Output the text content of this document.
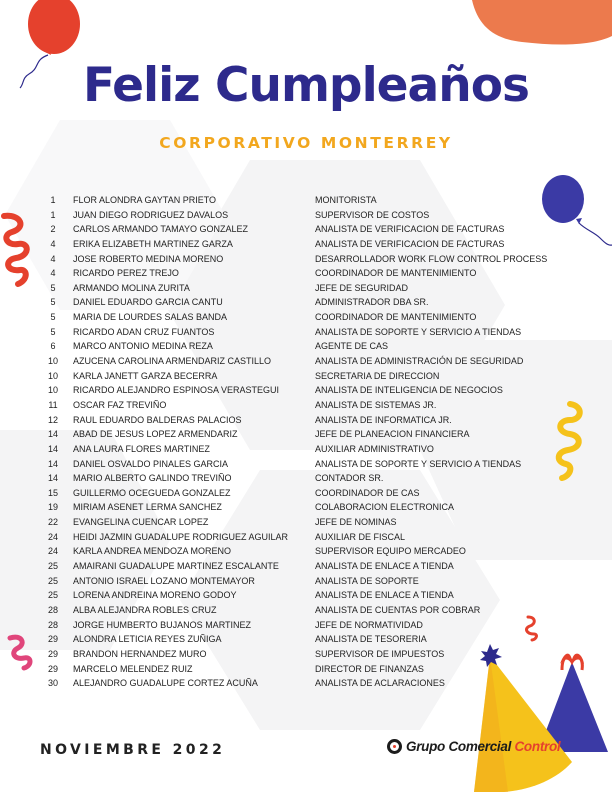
Feliz Cumpleaños
CORPORATIVO MONTERREY
1	FLOR ALONDRA GAYTAN PRIETO	MONITORISTA
1	JUAN DIEGO RODRIGUEZ DAVALOS	SUPERVISOR DE COSTOS
2	CARLOS ARMANDO TAMAYO GONZALEZ	ANALISTA DE VERIFICACION DE FACTURAS
4	ERIKA ELIZABETH MARTINEZ GARZA	ANALISTA DE VERIFICACION DE FACTURAS
4	JOSE ROBERTO MEDINA MORENO	DESARROLLADOR WORK FLOW CONTROL PROCESS
4	RICARDO PEREZ TREJO	COORDINADOR DE MANTENIMIENTO
5	ARMANDO MOLINA ZURITA	JEFE DE SEGURIDAD
5	DANIEL EDUARDO GARCIA CANTU	ADMINISTRADOR DBA SR.
5	MARIA DE LOURDES SALAS BANDA	COORDINADOR DE MANTENIMIENTO
5	RICARDO ADAN CRUZ FUANTOS	ANALISTA DE SOPORTE Y SERVICIO A TIENDAS
6	MARCO ANTONIO MEDINA REZA	AGENTE DE CAS
10	AZUCENA CAROLINA ARMENDARIZ CASTILLO	ANALISTA DE ADMINISTRACIÓN DE SEGURIDAD
10	KARLA JANETT GARZA BECERRA	SECRETARIA DE DIRECCION
10	RICARDO ALEJANDRO ESPINOSA VERASTEGUI	ANALISTA DE INTELIGENCIA DE NEGOCIOS
11	OSCAR FAZ TREVIÑO	ANALISTA DE SISTEMAS JR.
12	RAUL EDUARDO BALDERAS PALACIOS	ANALISTA DE INFORMATICA JR.
14	ABAD DE JESUS LOPEZ ARMENDARIZ	JEFE DE PLANEACION FINANCIERA
14	ANA LAURA FLORES MARTINEZ	AUXILIAR ADMINISTRATIVO
14	DANIEL OSVALDO PINALES GARCIA	ANALISTA DE SOPORTE Y SERVICIO A TIENDAS
14	MARIO ALBERTO GALINDO TREVIÑO	CONTADOR SR.
15	GUILLERMO OCEGUEDA GONZALEZ	COORDINADOR DE CAS
19	MIRIAM ASENET LERMA SANCHEZ	COLABORACION ELECTRONICA
22	EVANGELINA CUENCAR LOPEZ	JEFE DE NOMINAS
24	HEIDI JAZMIN GUADALUPE RODRIGUEZ AGUILAR	AUXILIAR DE FISCAL
24	KARLA ANDREA MENDOZA MORENO	SUPERVISOR EQUIPO MERCADEO
25	AMAIRANI GUADALUPE MARTINEZ ESCALANTE	ANALISTA DE ENLACE A TIENDA
25	ANTONIO ISRAEL LOZANO MONTEMAYOR	ANALISTA DE SOPORTE
25	LORENA ANDREINA MORENO GODOY	ANALISTA DE ENLACE A TIENDA
28	ALBA ALEJANDRA ROBLES CRUZ	ANALISTA DE CUENTAS POR COBRAR
28	JORGE HUMBERTO BUJANOS MARTINEZ	JEFE DE NORMATIVIDAD
29	ALONDRA LETICIA REYES ZUÑIGA	ANALISTA DE TESORERIA
29	BRANDON HERNANDEZ MURO	SUPERVISOR DE IMPUESTOS
29	MARCELO MELENDEZ RUIZ	DIRECTOR DE FINANZAS
30	ALEJANDRO GUADALUPE CORTEZ ACUÑA	ANALISTA DE ACLARACIONES
NOVIEMBRE 2022	Grupo Comercial Control
